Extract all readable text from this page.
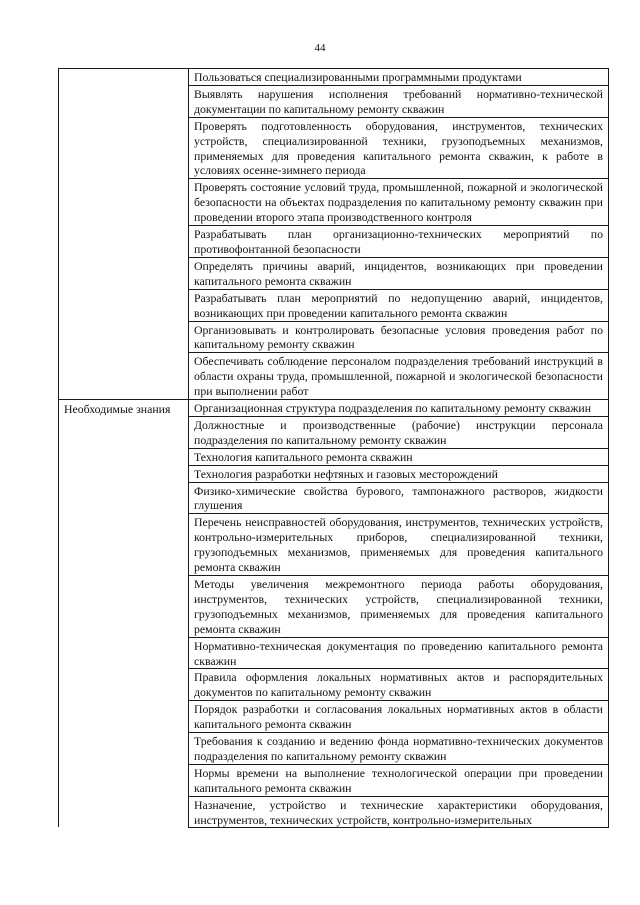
44
	Пользоваться специализированными программными продуктами
	Выявлять нарушения исполнения требований нормативно-технической документации по капитальному ремонту скважин
	Проверять подготовленность оборудования, инструментов, технических устройств, специализированной техники, грузоподъемных механизмов, применяемых для проведения капитального ремонта скважин, к работе в условиях осенне-зимнего периода
	Проверять состояние условий труда, промышленной, пожарной и экологической безопасности на объектах подразделения по капитальному ремонту скважин при проведении второго этапа производственного контроля
	Разрабатывать план организационно-технических мероприятий по противофонтанной безопасности
	Определять причины аварий, инцидентов, возникающих при проведении капитального ремонта скважин
	Разрабатывать план мероприятий по недопущению аварий, инцидентов, возникающих при проведении капитального ремонта скважин
	Организовывать и контролировать безопасные условия проведения работ по капитальному ремонту скважин
	Обеспечивать соблюдение персоналом подразделения требований инструкций в области охраны труда, промышленной, пожарной и экологической безопасности при выполнении работ
Необходимые знания	Организационная структура подразделения по капитальному ремонту скважин
	Должностные и производственные (рабочие) инструкции персонала подразделения по капитальному ремонту скважин
	Технология капитального ремонта скважин
	Технология разработки нефтяных и газовых месторождений
	Физико-химические свойства бурового, тампонажного растворов, жидкости глушения
	Перечень неисправностей оборудования, инструментов, технических устройств, контрольно-измерительных приборов, специализированной техники, грузоподъемных механизмов, применяемых для проведения капитального ремонта скважин
	Методы увеличения межремонтного периода работы оборудования, инструментов, технических устройств, специализированной техники, грузоподъемных механизмов, применяемых для проведения капитального ремонта скважин
	Нормативно-техническая документация по проведению капитального ремонта скважин
	Правила оформления локальных нормативных актов и распорядительных документов по капитальному ремонту скважин
	Порядок разработки и согласования локальных нормативных актов в области капитального ремонта скважин
	Требования к созданию и ведению фонда нормативно-технических документов подразделения по капитальному ремонту скважин
	Нормы времени на выполнение технологической операции при проведении капитального ремонта скважин

	Назначение, устройство и технические характеристики оборудования, инструментов, технических устройств, контрольно-измерительных
